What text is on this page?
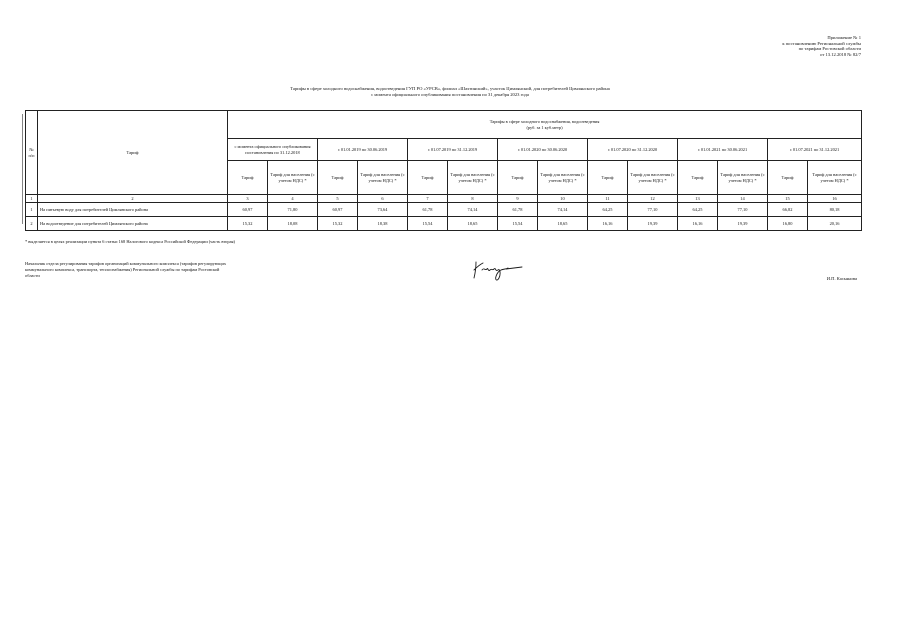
Приложение № 1
к постановлению Региональной службы
по тарифам Ростовской области
от 13.12.2018 № 82/7
Тарифы в сфере холодного водоснабжения, водоотведения ГУП РО «УРСВ», филиал «Шахтинский», участок Цимлянский, для потребителей Цимлянского района
с момента официального опубликования постановления по 31 декабря 2023 года
№ п/п	Тариф	Тарифы в сфере холодного водоснабжения, водоотведения
(руб. за 1 куб.метр)													

		с момента официального опубликования постановления по 31.12.2018		с 01.01.2019 по 30.06.2019		с 01.07.2019 по 31.12.2019		с 01.01.2020 по 30.06.2020		с 01.07.2020 по 31.12.2020		с 01.01.2021 по 30.06.2021		с 01.07.2021 по 31.12.2021	
		Тариф	Тариф для населения (с учетом НДС) *	Тариф	Тариф для населения (с учетом НДС) *	Тариф	Тариф для населения (с учетом НДС) *	Тариф	Тариф для населения (с учетом НДС) *	Тариф	Тариф для населения (с учетом НДС) *	Тариф	Тариф для населения (с учетом НДС) *	Тариф	Тариф для населения (с учетом НДС) *
1	2	3	4	5	6	7	8	9	10	11	12	13	14	15	16
1	На питьевую воду для потребителей Цимлянского района	60,97	71,80	60,97	73,64	61,78	74,14	61,78	74,14	64,25	77,10	64,25	77,10	66,82	80,18
2	На водоотведение для потребителей Цимлянского района	15,32	18,08	15,32	18,38	15,54	18,65	15,54	18,65	16,16	19,39	16,16	19,39	16,80	20,16
* выделяется в целях реализации пункта 6 статьи 168 Налогового кодекса Российской Федерации (часть вторая)
Начальник отдела регулирования тарифов организаций коммунального комплекса (тарифов регулирующих
коммунального комплекса, транспорта, теплоснабжения) Региональной службы по тарифам Ростовской
области
И.П. Касьянова
